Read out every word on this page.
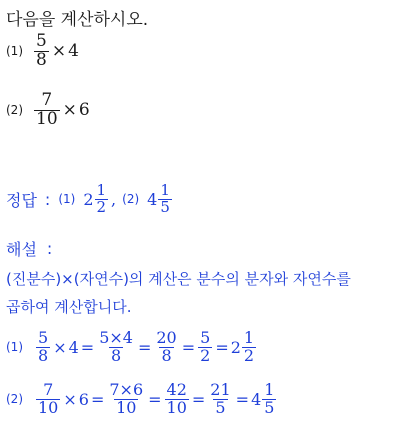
다음을 계산하시오.
$(1) \frac{5}{8} \times 4$
$(2) \frac{7}{10} \times 6$
정답 : (1) $2 \frac{1}{2}$ , (2) $4 \frac{1}{5}$
해설 :
(진분수)×(자연수)의 계산은 분수의 분자와 자연수를
곱하여 계산합니다.
$(1) \frac{5}{8} \times 4 = \frac{5\times 4}{8} = \frac{20}{8} = \frac{5}{2} = 2 \frac{1}{2}$
$(2) \frac{7}{10} \times 6 = \frac{7\times 6}{10} = \frac{42}{10} = \frac{21}{5} = 4 \frac{1}{5}$
